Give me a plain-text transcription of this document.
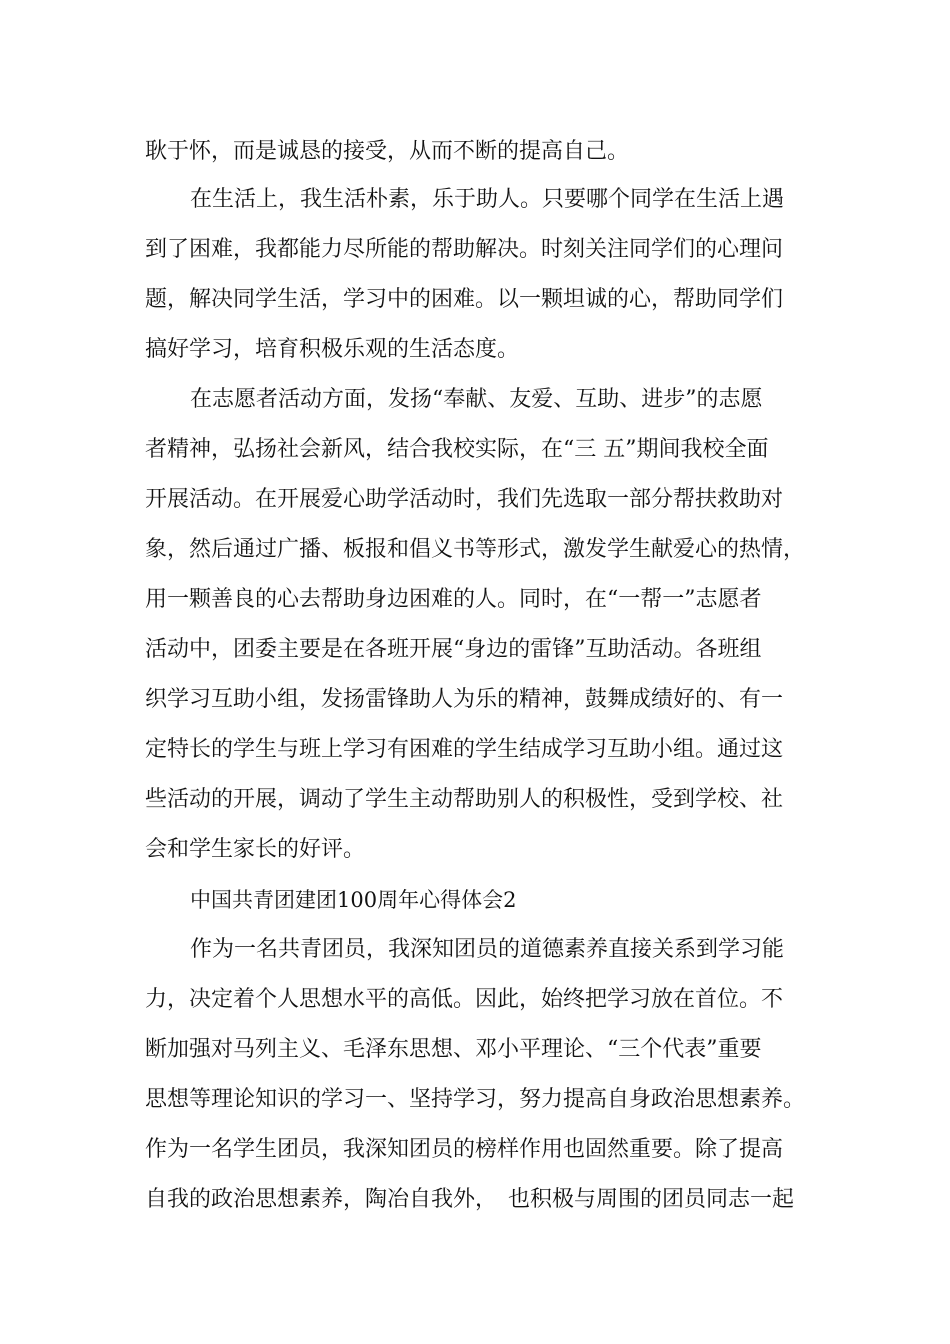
耿于怀，而是诚恳的接受，从而不断的提高自己。
在生活上，我生活朴素，乐于助人。只要哪个同学在生活上遇
到了困难，我都能力尽所能的帮助解决。时刻关注同学们的心理问
题，解决同学生活，学习中的困难。以一颗坦诚的心，帮助同学们
搞好学习，培育积极乐观的生活态度。
在志愿者活动方面，发扬“奉献、友爱、互助、进步”的志愿
者精神，弘扬社会新风，结合我校实际，在“三 五”期间我校全面
开展活动。在开展爱心助学活动时，我们先选取一部分帮扶救助对
象，然后通过广播、板报和倡义书等形式，激发学生献爱心的热情，
用一颗善良的心去帮助身边困难的人。同时，在“一帮一”志愿者
活动中，团委主要是在各班开展“身边的雷锋”互助活动。各班组
织学习互助小组，发扬雷锋助人为乐的精神，鼓舞成绩好的、有一
定特长的学生与班上学习有困难的学生结成学习互助小组。通过这
些活动的开展，调动了学生主动帮助别人的积极性，受到学校、社
会和学生家长的好评。
中国共青团建团100周年心得体会2
作为一名共青团员，我深知团员的道德素养直接关系到学习能
力，决定着个人思想水平的高低。因此，始终把学习放在首位。不
断加强对马列主义、毛泽东思想、邓小平理论、“三个代表”重要
思想等理论知识的学习一、坚持学习，努力提高自身政治思想素养。
作为一名学生团员，我深知团员的榜样作用也固然重要。除了提高
自我的政治思想素养，陶冶自我外，　也积极与周围的团员同志一起
